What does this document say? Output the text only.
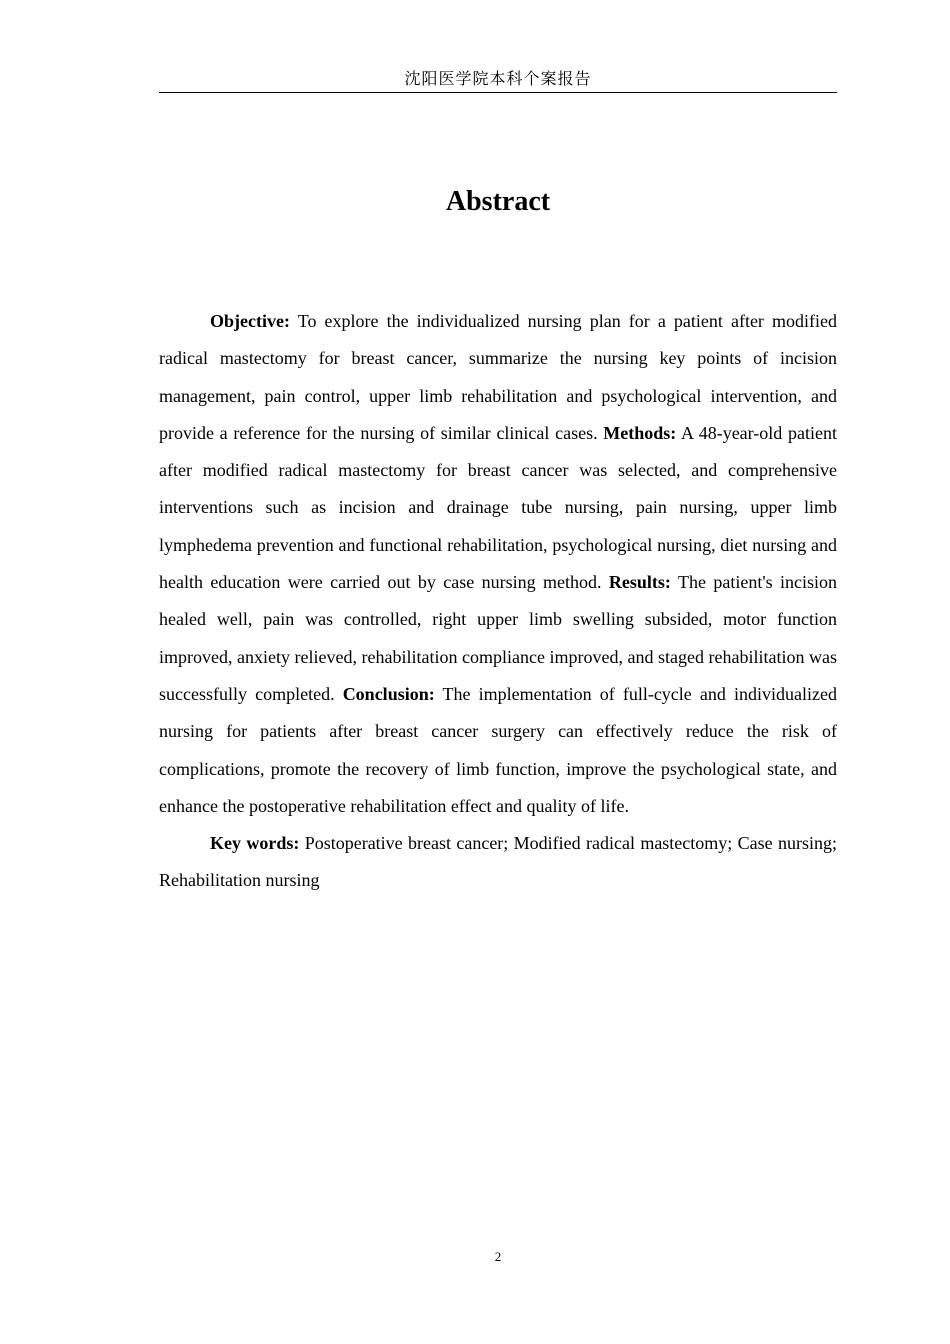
沈阳医学院本科个案报告
Abstract

Objective: To explore the individualized nursing plan for a patient after modified radical mastectomy for breast cancer, summarize the nursing key points of incision management, pain control, upper limb rehabilitation and psychological intervention, and provide a reference for the nursing of similar clinical cases. Methods: A 48-year-old patient after modified radical mastectomy for breast cancer was selected, and comprehensive interventions such as incision and drainage tube nursing, pain nursing, upper limb lymphedema prevention and functional rehabilitation, psychological nursing, diet nursing and health education were carried out by case nursing method. Results: The patient's incision healed well, pain was controlled, right upper limb swelling subsided, motor function improved, anxiety relieved, rehabilitation compliance improved, and staged rehabilitation was successfully completed. Conclusion: The implementation of full-cycle and individualized nursing for patients after breast cancer surgery can effectively reduce the risk of complications, promote the recovery of limb function, improve the psychological state, and enhance the postoperative rehabilitation effect and quality of life.

Key words: Postoperative breast cancer; Modified radical mastectomy; Case nursing; Rehabilitation nursing

2
